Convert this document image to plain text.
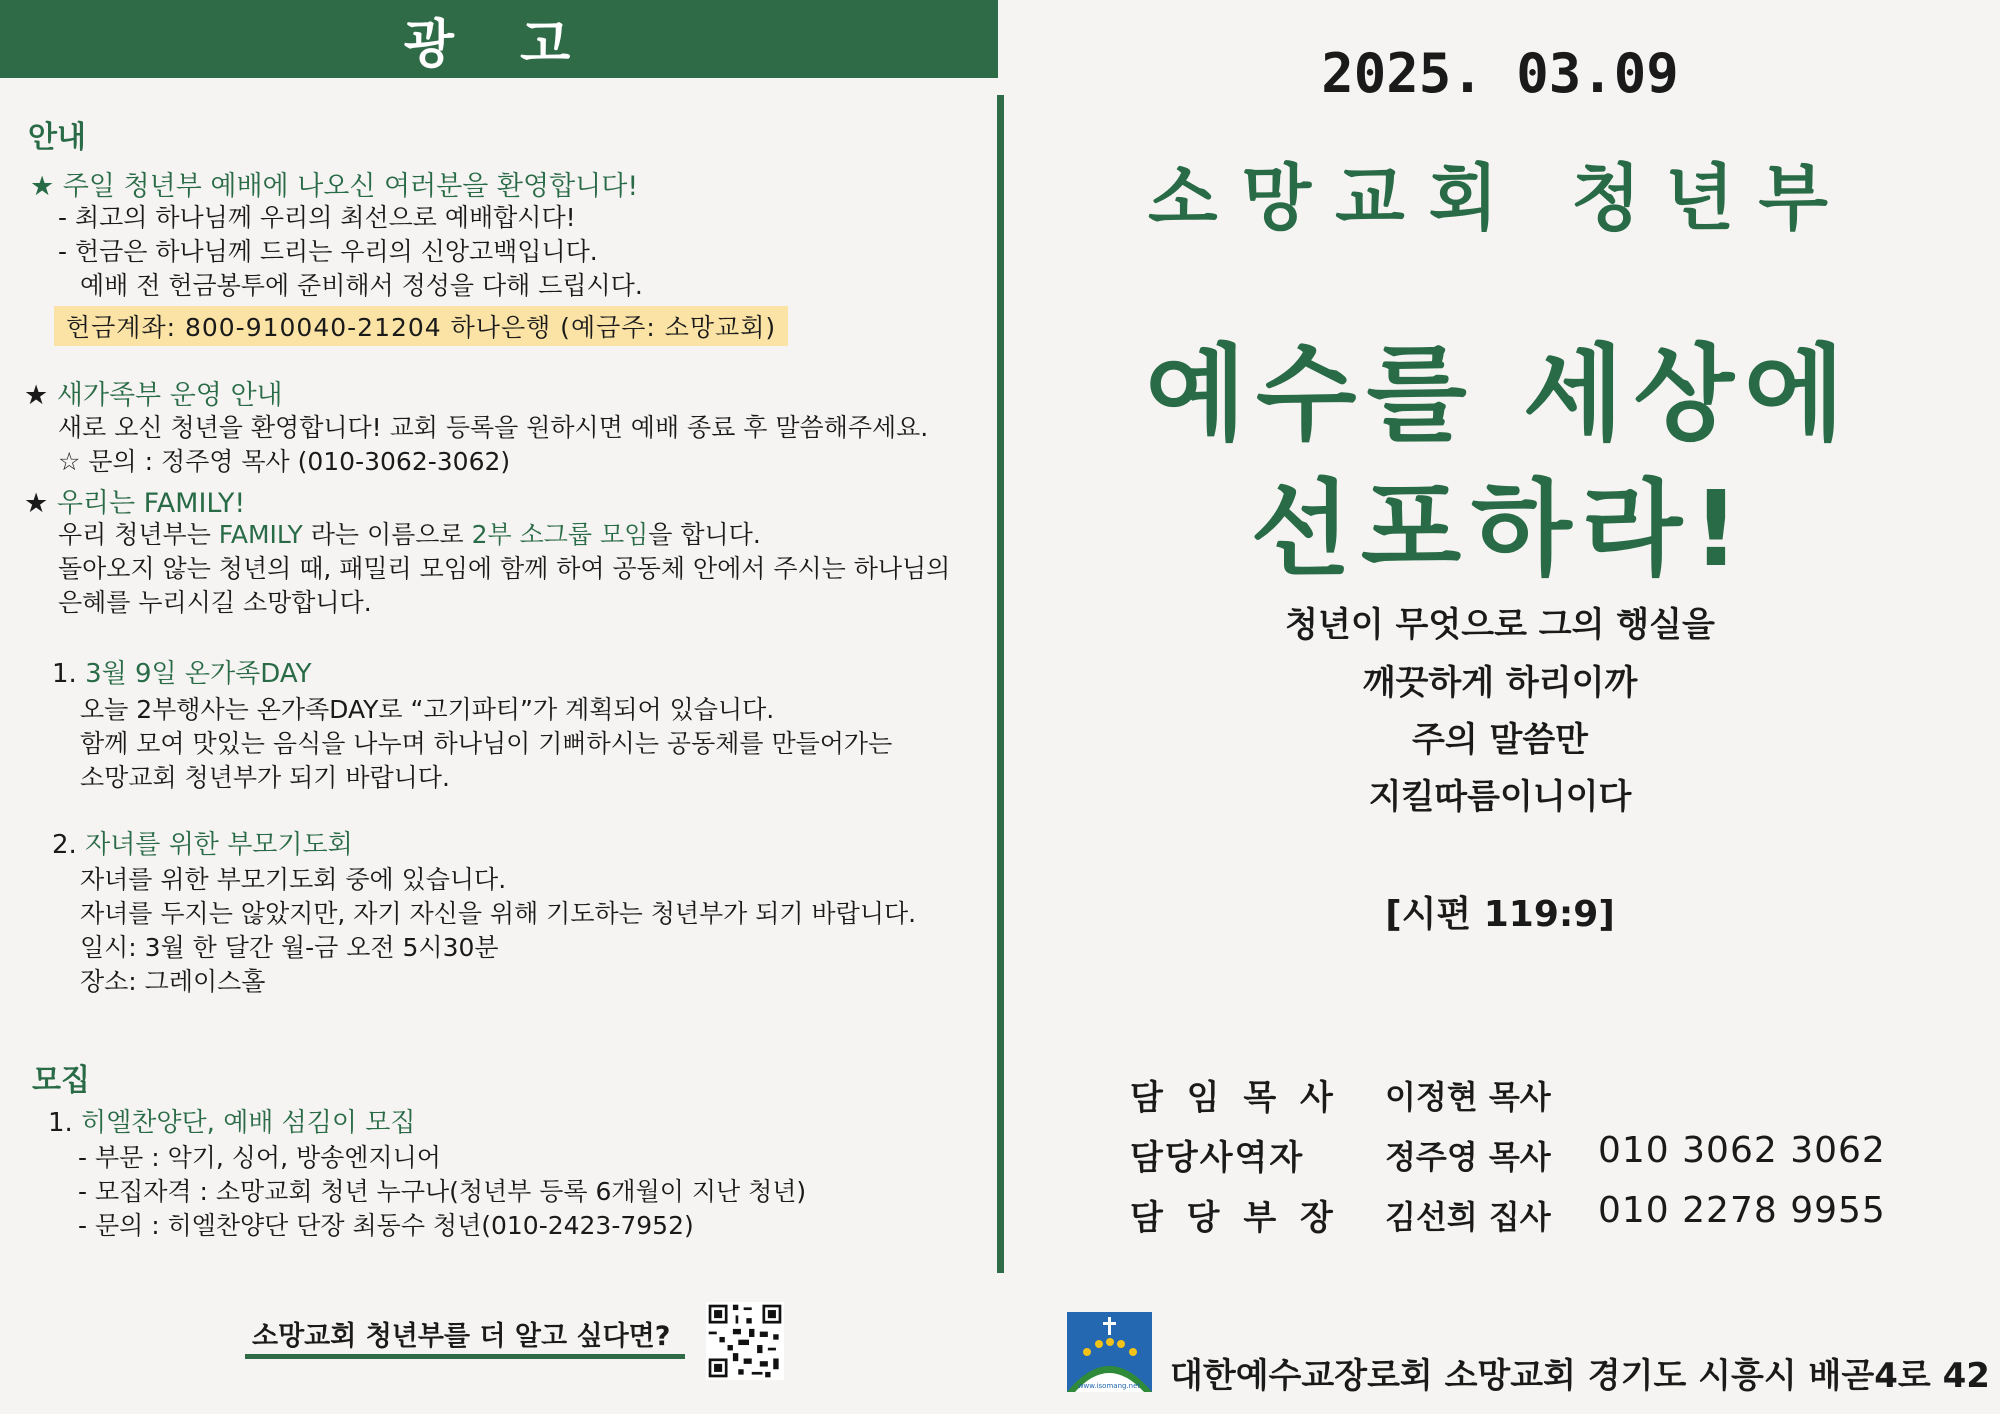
광 고
안내
★ 주일 청년부 예배에 나오신 여러분을 환영합니다!
- 최고의 하나님께 우리의 최선으로 예배합시다!
- 헌금은 하나님께 드리는 우리의 신앙고백입니다.
예배 전 헌금봉투에 준비해서 정성을 다해 드립시다.
헌금계좌: 800-910040-21204 하나은행 (예금주: 소망교회)
★ 새가족부 운영 안내
새로 오신 청년을 환영합니다! 교회 등록을 원하시면 예배 종료 후 말씀해주세요.
☆ 문의 : 정주영 목사 (010-3062-3062)
★ 우리는 FAMILY!
우리 청년부는 FAMILY 라는 이름으로 2부 소그룹 모임을 합니다.
돌아오지 않는 청년의 때, 패밀리 모임에 함께 하여 공동체 안에서 주시는 하나님의
은혜를 누리시길 소망합니다.
1. 3월 9일 온가족DAY
오늘 2부행사는 온가족DAY로 “고기파티”가 계획되어 있습니다.
함께 모여 맛있는 음식을 나누며 하나님이 기뻐하시는 공동체를 만들어가는
소망교회 청년부가 되기 바랍니다.
2. 자녀를 위한 부모기도회
자녀를 위한 부모기도회 중에 있습니다.
자녀를 두지는 않았지만, 자기 자신을 위해 기도하는 청년부가 되기 바랍니다.
일시: 3월 한 달간 월-금 오전 5시30분
장소: 그레이스홀
모집
1. 히엘찬양단, 예배 섬김이 모집
- 부문 : 악기, 싱어, 방송엔지니어
- 모집자격 : 소망교회 청년 누구나(청년부 등록 6개월이 지난 청년)
- 문의 : 히엘찬양단 단장 최동수 청년(010-2423-7952)
소망교회 청년부를 더 알고 싶다면?
2025. 03.09
소망교회 청년부
예수를 세상에
선포하라!
청년이 무엇으로 그의 행실을
깨끗하게 하리이까
주의 말씀만
지킬따름이니이다
[시편 119:9]
담 임 목 사 이정현 목사
담당사역자	정주영 목사 010 3062 3062
담 당 부 장 김선희 집사 010 2278 9955
www.isomang.net 대한예수교장로회 소망교회 경기도 시흥시 배곧4로 42
